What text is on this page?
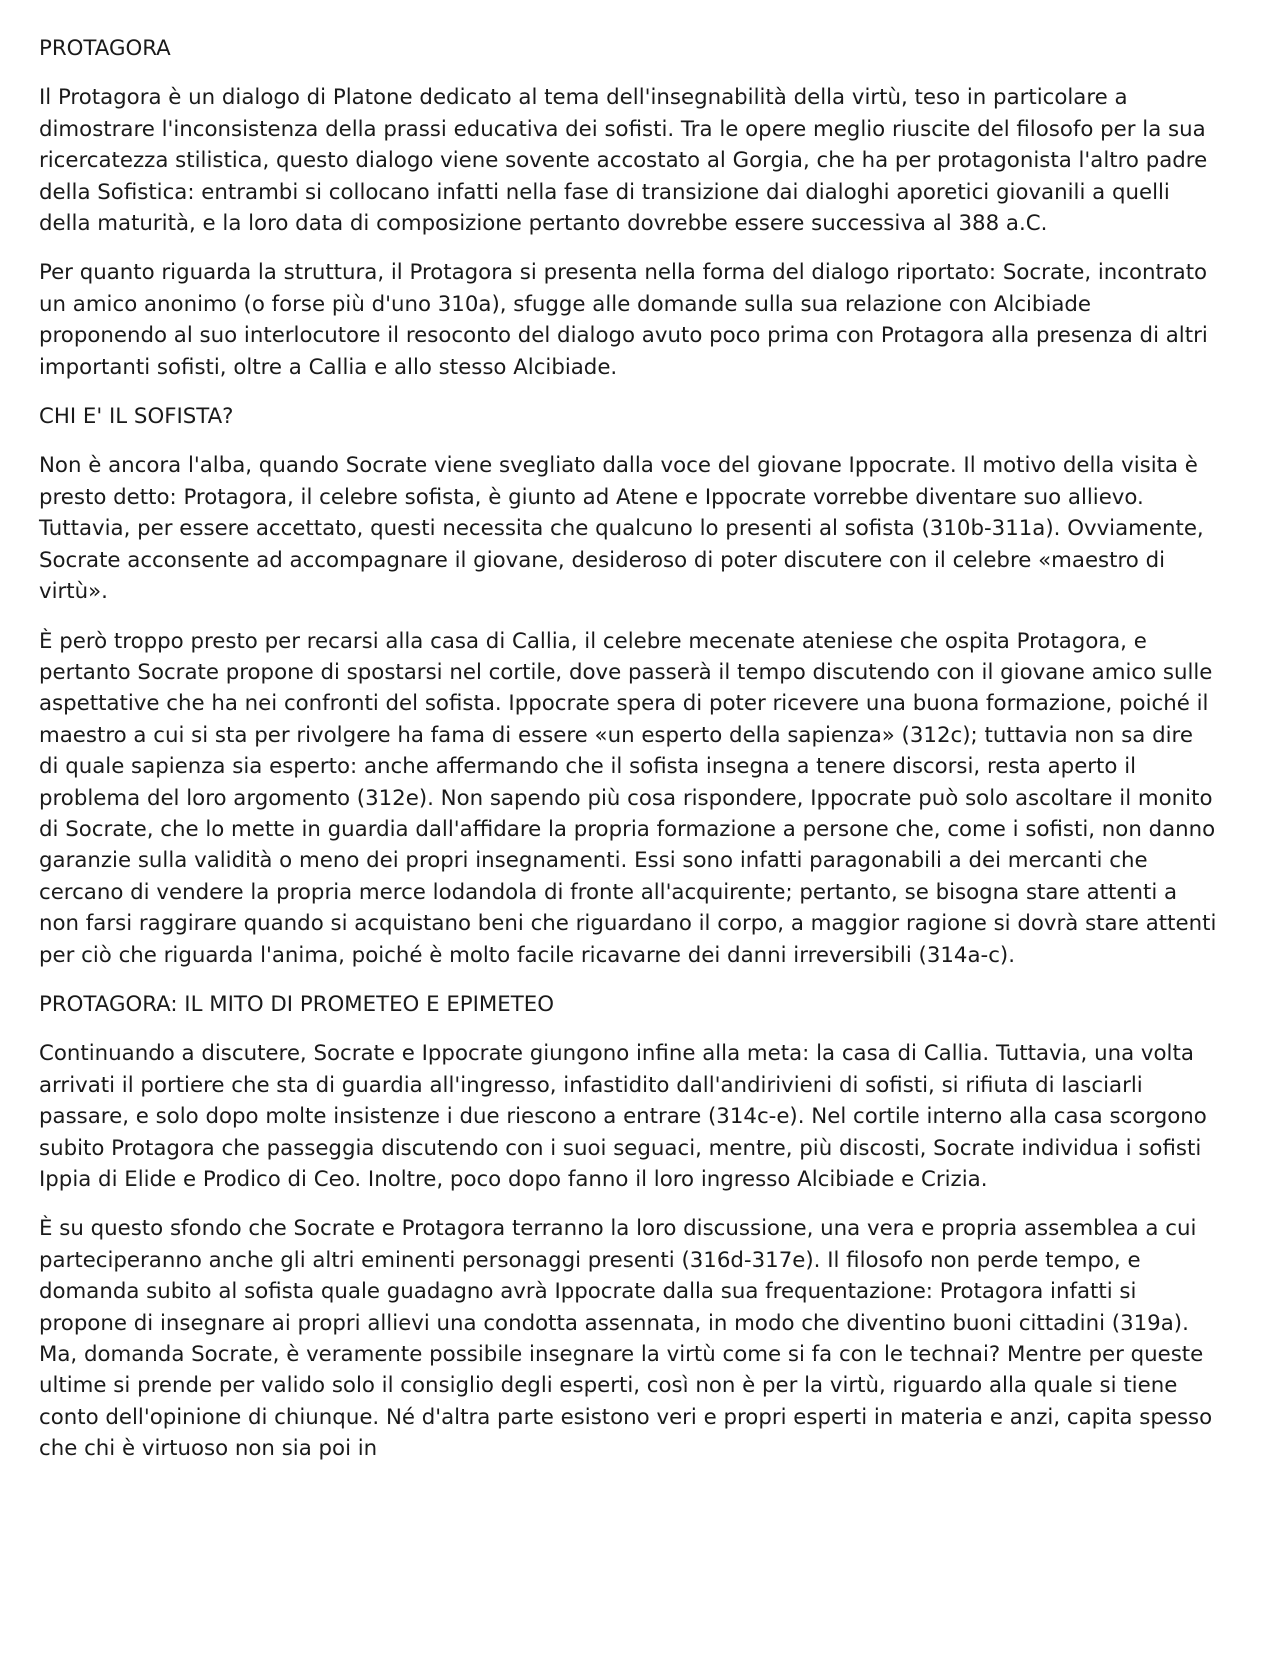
PROTAGORA
Il Protagora è un dialogo di Platone dedicato al tema dell'insegnabilità della virtù, teso in particolare a dimostrare l'inconsistenza della prassi educativa dei sofisti. Tra le opere meglio riuscite del filosofo per la sua ricercatezza stilistica, questo dialogo viene sovente accostato al Gorgia, che ha per protagonista l'altro padre della Sofistica: entrambi si collocano infatti nella fase di transizione dai dialoghi aporetici giovanili a quelli della maturità, e la loro data di composizione pertanto dovrebbe essere successiva al 388 a.C.
Per quanto riguarda la struttura, il Protagora si presenta nella forma del dialogo riportato: Socrate, incontrato un amico anonimo (o forse più d'uno 310a), sfugge alle domande sulla sua relazione con Alcibiade proponendo al suo interlocutore il resoconto del dialogo avuto poco prima con Protagora alla presenza di altri importanti sofisti, oltre a Callia e allo stesso Alcibiade.
CHI E' IL SOFISTA?
Non è ancora l'alba, quando Socrate viene svegliato dalla voce del giovane Ippocrate. Il motivo della visita è presto detto: Protagora, il celebre sofista, è giunto ad Atene e Ippocrate vorrebbe diventare suo allievo. Tuttavia, per essere accettato, questi necessita che qualcuno lo presenti al sofista (310b-311a). Ovviamente, Socrate acconsente ad accompagnare il giovane, desideroso di poter discutere con il celebre «maestro di virtù».
È però troppo presto per recarsi alla casa di Callia, il celebre mecenate ateniese che ospita Protagora, e pertanto Socrate propone di spostarsi nel cortile, dove passerà il tempo discutendo con il giovane amico sulle aspettative che ha nei confronti del sofista. Ippocrate spera di poter ricevere una buona formazione, poiché il maestro a cui si sta per rivolgere ha fama di essere «un esperto della sapienza» (312c); tuttavia non sa dire di quale sapienza sia esperto: anche affermando che il sofista insegna a tenere discorsi, resta aperto il problema del loro argomento (312e). Non sapendo più cosa rispondere, Ippocrate può solo ascoltare il monito di Socrate, che lo mette in guardia dall'affidare la propria formazione a persone che, come i sofisti, non danno garanzie sulla validità o meno dei propri insegnamenti. Essi sono infatti paragonabili a dei mercanti che cercano di vendere la propria merce lodandola di fronte all'acquirente; pertanto, se bisogna stare attenti a non farsi raggirare quando si acquistano beni che riguardano il corpo, a maggior ragione si dovrà stare attenti per ciò che riguarda l'anima, poiché è molto facile ricavarne dei danni irreversibili (314a-c).
PROTAGORA: IL MITO DI PROMETEO E EPIMETEO
Continuando a discutere, Socrate e Ippocrate giungono infine alla meta: la casa di Callia. Tuttavia, una volta arrivati il portiere che sta di guardia all'ingresso, infastidito dall'andirivieni di sofisti, si rifiuta di lasciarli passare, e solo dopo molte insistenze i due riescono a entrare (314c-e). Nel cortile interno alla casa scorgono subito Protagora che passeggia discutendo con i suoi seguaci, mentre, più discosti, Socrate individua i sofisti Ippia di Elide e Prodico di Ceo. Inoltre, poco dopo fanno il loro ingresso Alcibiade e Crizia.
È su questo sfondo che Socrate e Protagora terranno la loro discussione, una vera e propria assemblea a cui parteciperanno anche gli altri eminenti personaggi presenti (316d-317e). Il filosofo non perde tempo, e domanda subito al sofista quale guadagno avrà Ippocrate dalla sua frequentazione: Protagora infatti si propone di insegnare ai propri allievi una condotta assennata, in modo che diventino buoni cittadini (319a). Ma, domanda Socrate, è veramente possibile insegnare la virtù come si fa con le technai? Mentre per queste ultime si prende per valido solo il consiglio degli esperti, così non è per la virtù, riguardo alla quale si tiene conto dell'opinione di chiunque. Né d'altra parte esistono veri e propri esperti in materia e anzi, capita spesso che chi è virtuoso non sia poi in
